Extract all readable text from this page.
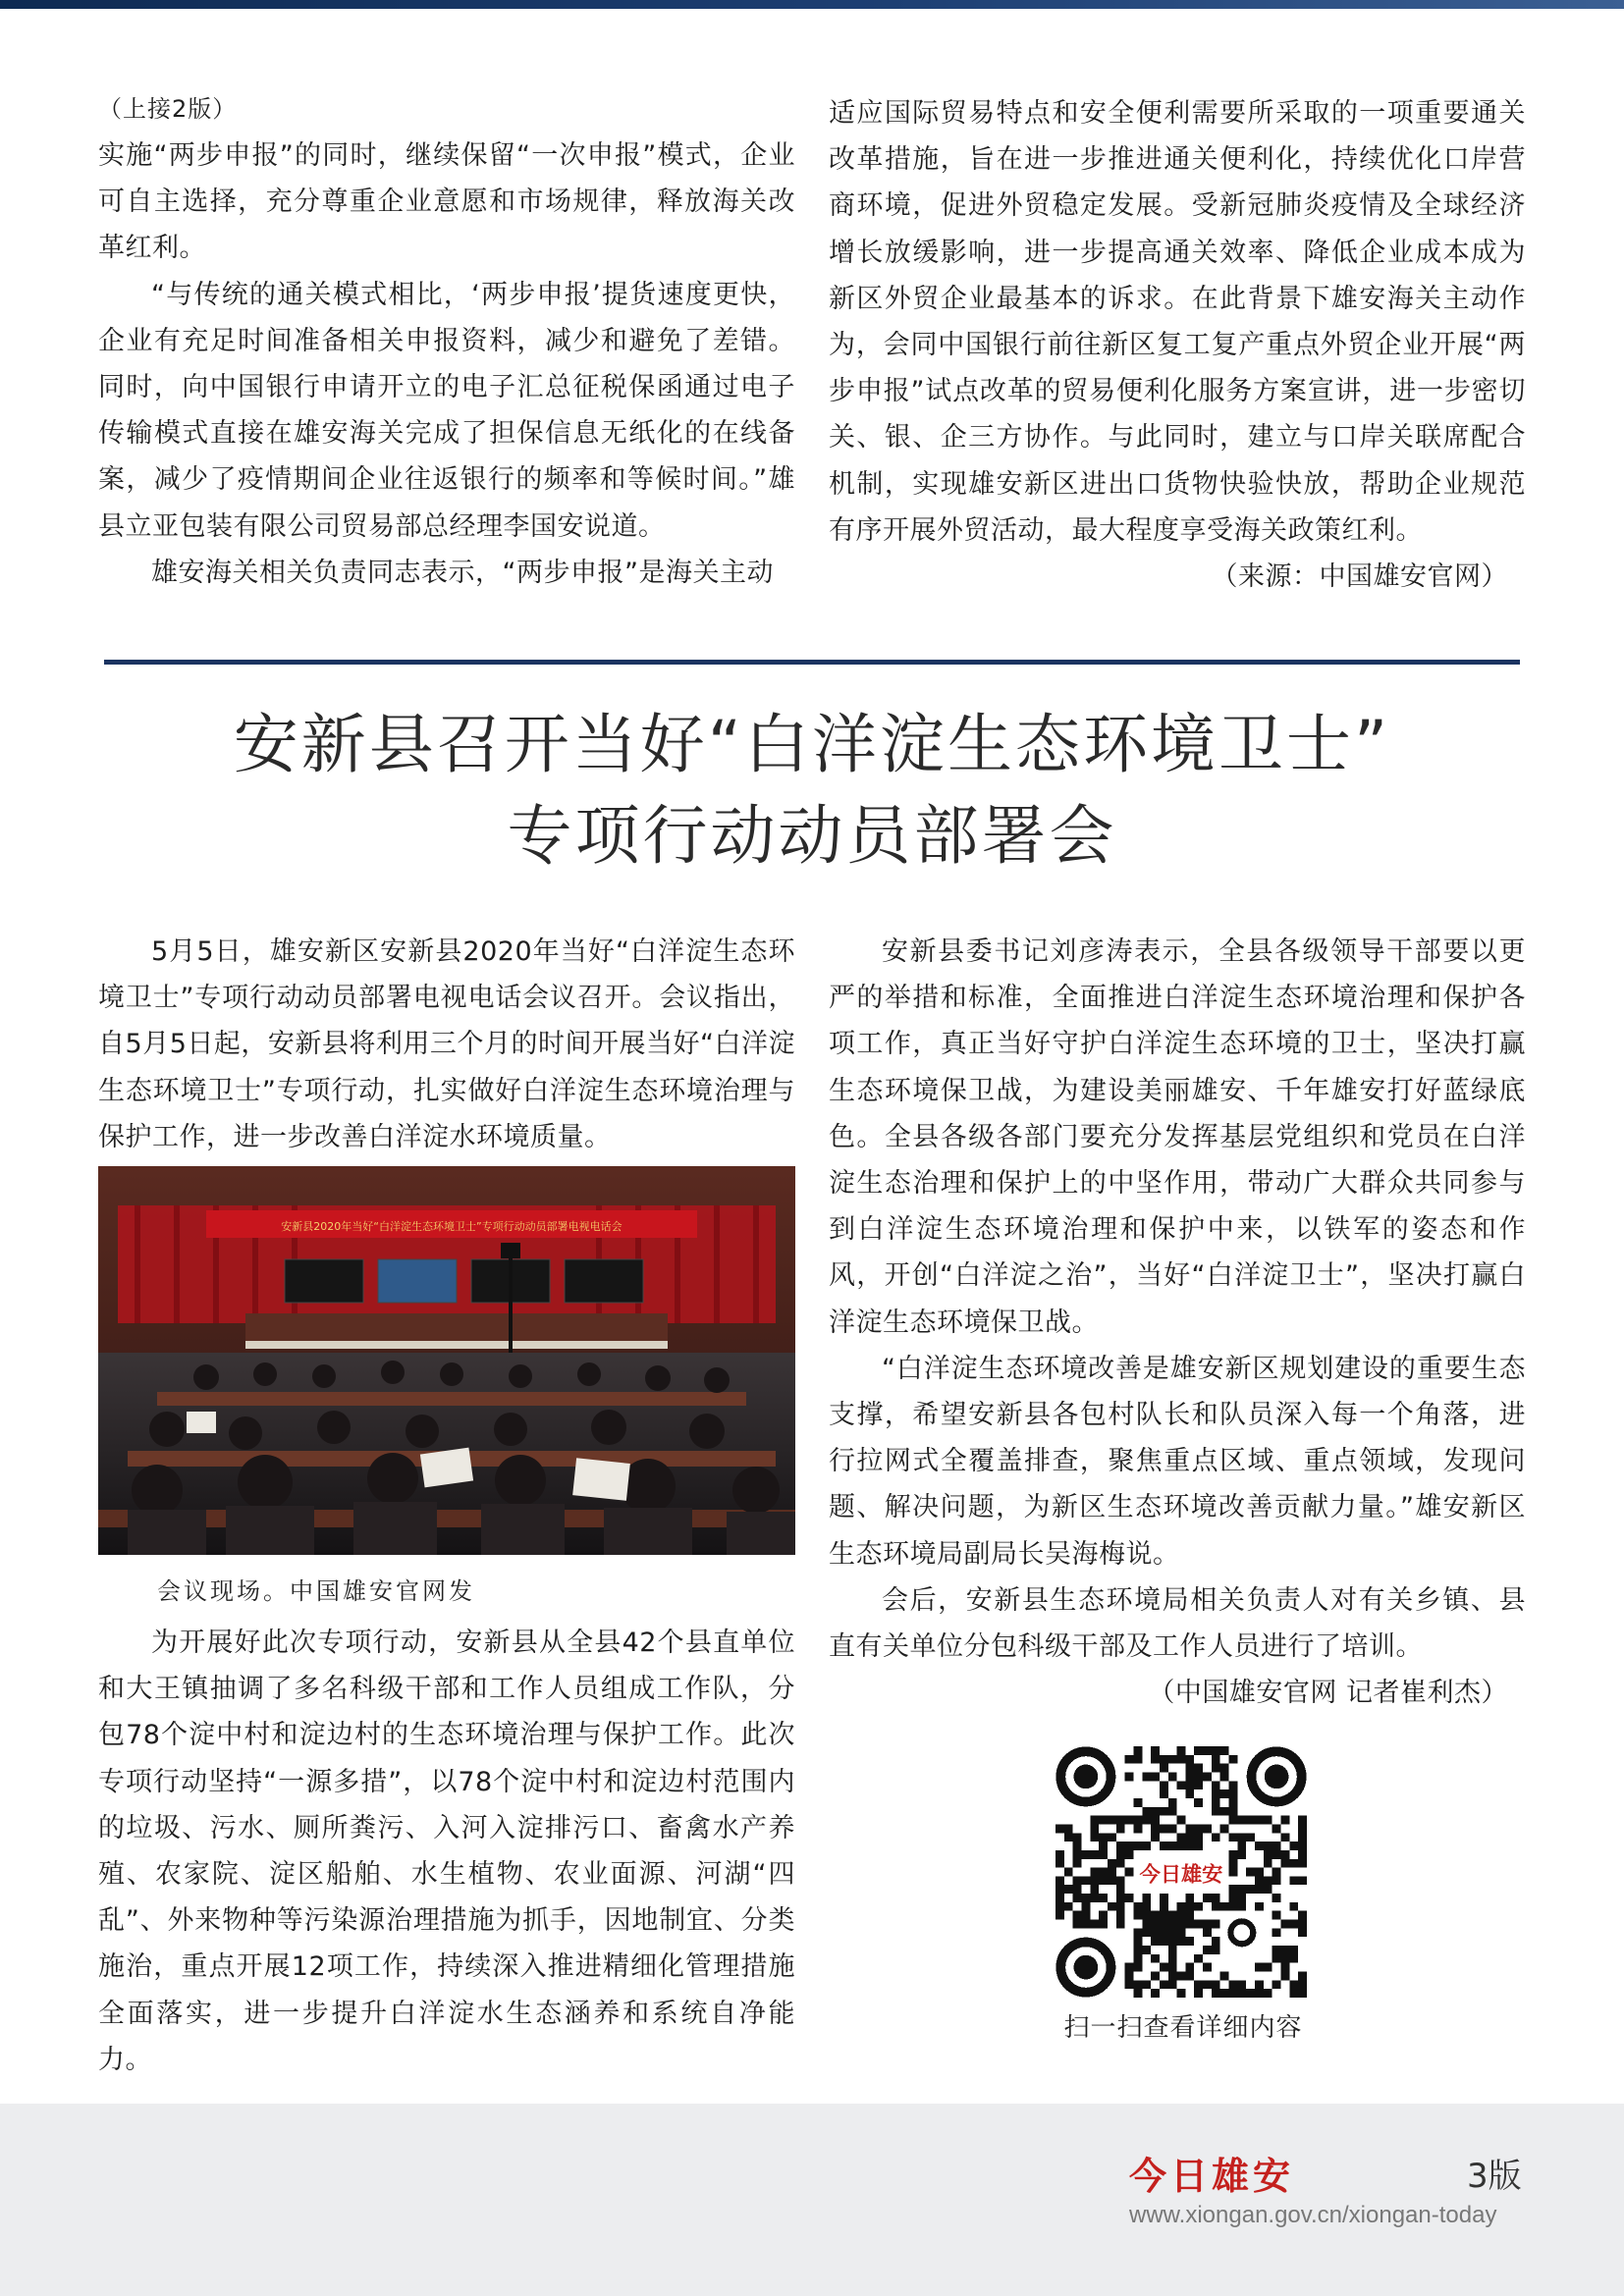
（上接2版）

实施“两步申报”的同时，继续保留“一次申报”模式，企业可自主选择，充分尊重企业意愿和市场规律，释放海关改革红利。

“与传统的通关模式相比，‘两步申报’提货速度更快，企业有充足时间准备相关申报资料，减少和避免了差错。同时，向中国银行申请开立的电子汇总征税保函通过电子传输模式直接在雄安海关完成了担保信息无纸化的在线备案，减少了疫情期间企业往返银行的频率和等候时间。”雄县立亚包装有限公司贸易部总经理李国安说道。

雄安海关相关负责同志表示，“两步申报”是海关主动

适应国际贸易特点和安全便利需要所采取的一项重要通关改革措施，旨在进一步推进通关便利化，持续优化口岸营商环境，促进外贸稳定发展。受新冠肺炎疫情及全球经济增长放缓影响，进一步提高通关效率、降低企业成本成为新区外贸企业最基本的诉求。在此背景下雄安海关主动作为，会同中国银行前往新区复工复产重点外贸企业开展“两步申报”试点改革的贸易便利化服务方案宣讲，进一步密切关、银、企三方协作。与此同时，建立与口岸关联席配合机制，实现雄安新区进出口货物快验快放，帮助企业规范有序开展外贸活动，最大程度享受海关政策红利。

（来源：中国雄安官网）

安新县召开当好“白洋淀生态环境卫士”
专项行动动员部署会

5月5日，雄安新区安新县2020年当好“白洋淀生态环境卫士”专项行动动员部署电视电话会议召开。会议指出，自5月5日起，安新县将利用三个月的时间开展当好“白洋淀生态环境卫士”专项行动，扎实做好白洋淀生态环境治理与保护工作，进一步改善白洋淀水环境质量。

安新县2020年当好“白洋淀生态环境卫士”专项行动动员部署电视电话会
会议现场。中国雄安官网发

为开展好此次专项行动，安新县从全县42个县直单位和大王镇抽调了多名科级干部和工作人员组成工作队，分包78个淀中村和淀边村的生态环境治理与保护工作。此次专项行动坚持“一源多措”，以78个淀中村和淀边村范围内的垃圾、污水、厕所粪污、入河入淀排污口、畜禽水产养殖、农家院、淀区船舶、水生植物、农业面源、河湖“四乱”、外来物种等污染源治理措施为抓手，因地制宜、分类施治，重点开展12项工作，持续深入推进精细化管理措施全面落实，进一步提升白洋淀水生态涵养和系统自净能力。

安新县委书记刘彦涛表示，全县各级领导干部要以更严的举措和标准，全面推进白洋淀生态环境治理和保护各项工作，真正当好守护白洋淀生态环境的卫士，坚决打赢生态环境保卫战，为建设美丽雄安、千年雄安打好蓝绿底色。全县各级各部门要充分发挥基层党组织和党员在白洋淀生态治理和保护上的中坚作用，带动广大群众共同参与到白洋淀生态环境治理和保护中来，以铁军的姿态和作风，开创“白洋淀之治”，当好“白洋淀卫士”，坚决打赢白洋淀生态环境保卫战。

“白洋淀生态环境改善是雄安新区规划建设的重要生态支撑，希望安新县各包村队长和队员深入每一个角落，进行拉网式全覆盖排查，聚焦重点区域、重点领域，发现问题、解决问题，为新区生态环境改善贡献力量。”雄安新区生态环境局副局长吴海梅说。

会后，安新县生态环境局相关负责人对有关乡镇、县直有关单位分包科级干部及工作人员进行了培训。

（中国雄安官网 记者崔利杰）

今日雄安
扫一扫查看详细内容
今日雄安	3版
www.xiongan.gov.cn/xiongan-today
